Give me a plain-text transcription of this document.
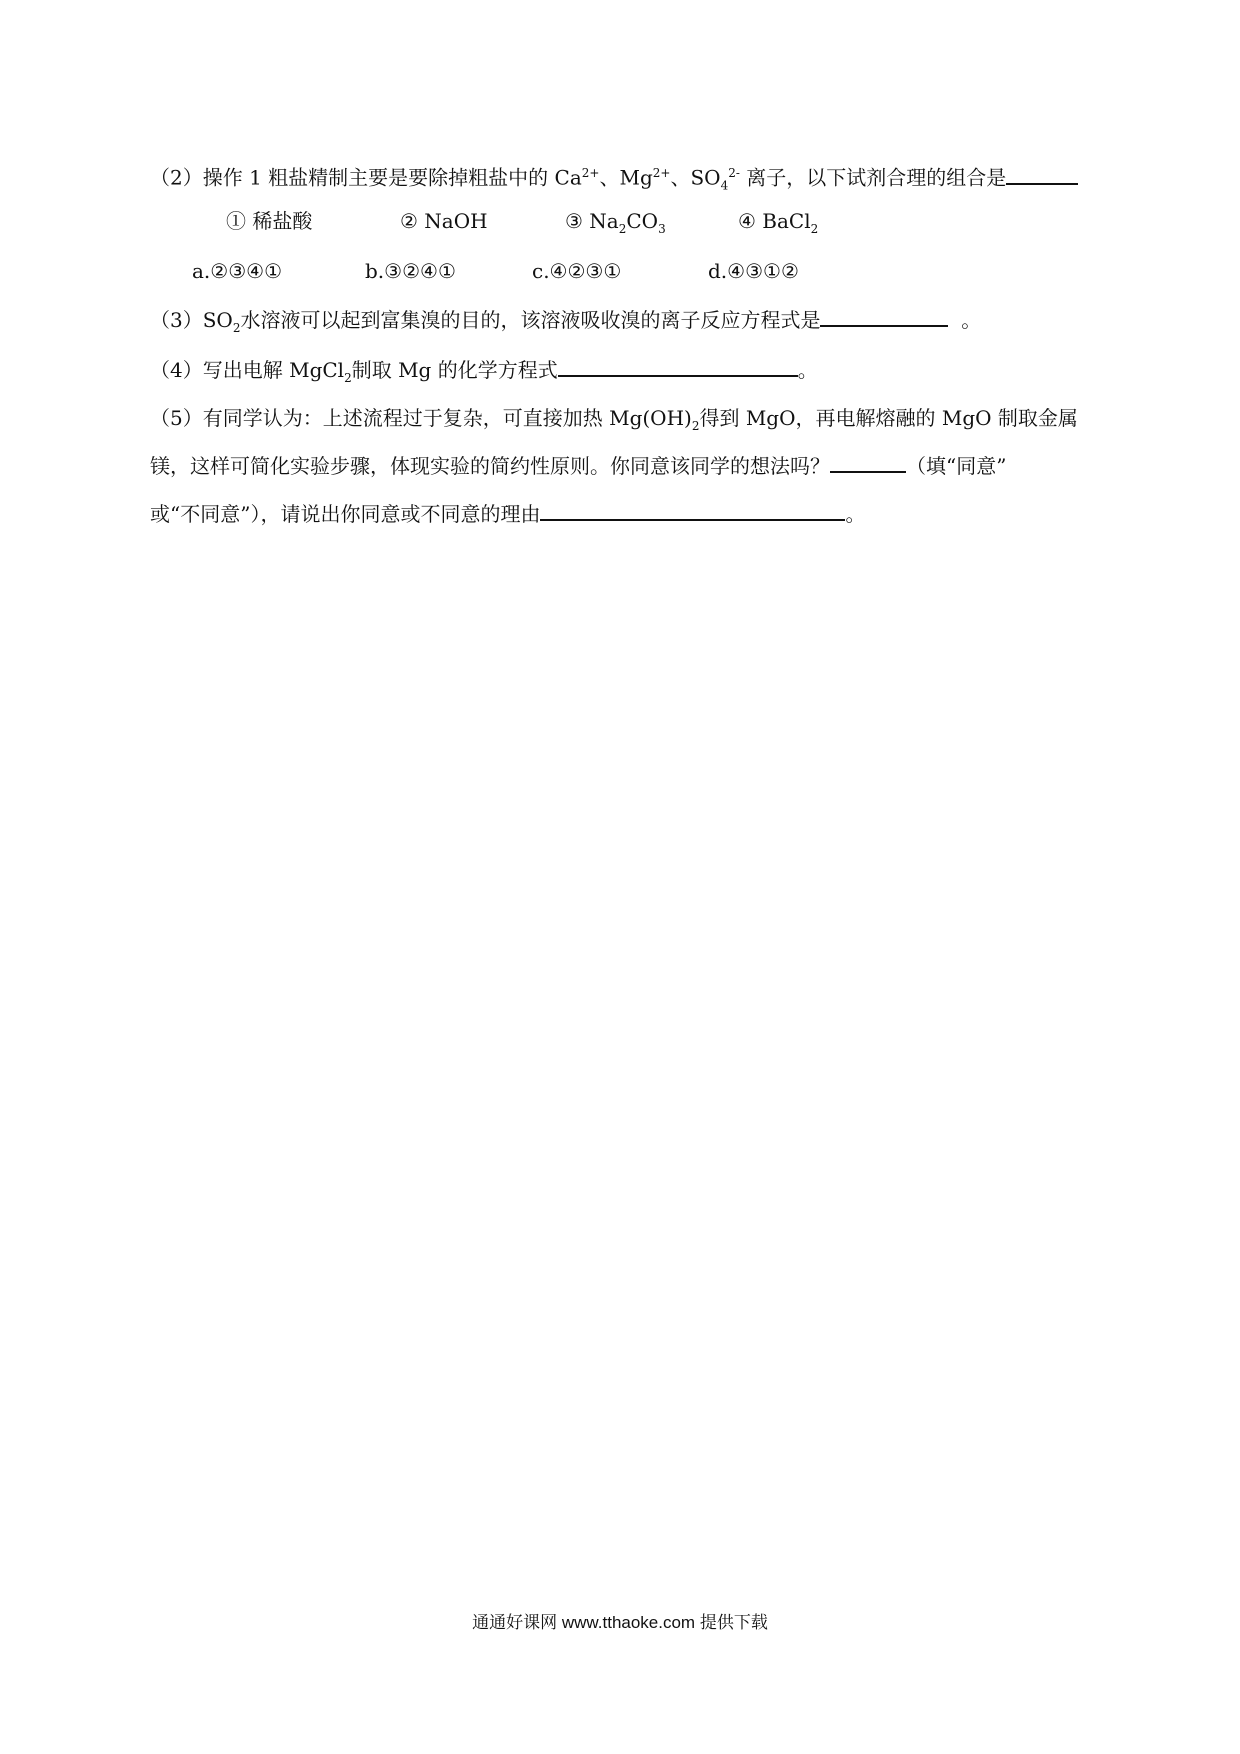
（2）操作 1 粗盐精制主要是要除掉粗盐中的 $Ca^{2+}$、$Mg^{2+}$、$SO_4^{2-}$ 离子，以下试剂合理的组合是
① 稀盐酸	② NaOH	③ $Na_2CO_3$	④ BaCl$_2$
a.②③④①	b.③②④①	c.④②③①	d.④③①②
$(3)SO_2$水溶液可以起到富集溴的目的，该溶液吸收溴的离子反应方程式是	。
（4）写出电解 MgCl$_2$制取 Mg 的化学方程式	。
（5）有同学认为：上述流程过于复杂，可直接加热 $Mg(OH)_2$得到 MgO，再电解熔融的 MgO 制取金属
镁，这样可简化实验步骤，体现实验的简约性原则。你同意该同学的想法吗？	（填“同意”
或“不同意”），请说出你同意或不同意的理由	。
通通好课网 www.tthaoke.com 提供下载
